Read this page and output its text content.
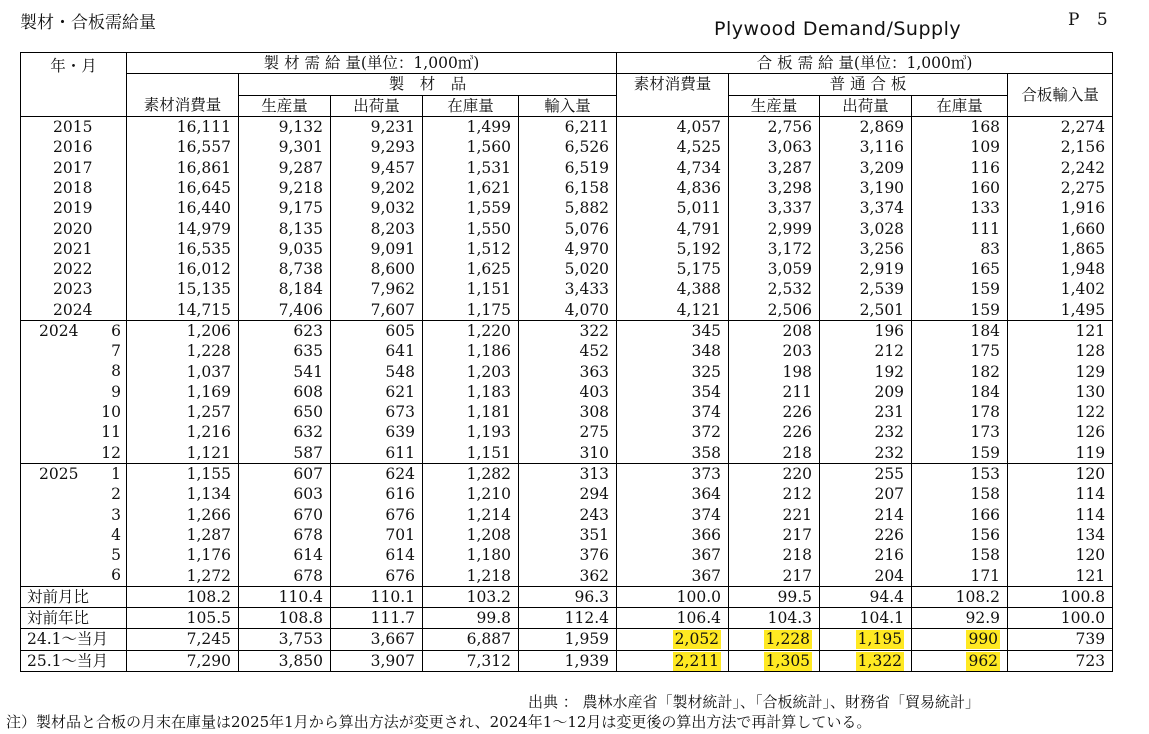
製材・合板需給量	Plywood Demand/Supply	P 5
年・月	製 材 需 給 量(単位：1,000㎥)					合 板 需 給 量(単位：1,000㎥)				
		製　材　品				素材消費量	普 通 合 板			合板輸入量
	素材消費量	生産量	出荷量	在庫量	輸入量		生産量	出荷量	在庫量	
2015	16,111	9,132	9,231	1,499	6,211	4,057	2,756	2,869	168	2,274
2016	16,557	9,301	9,293	1,560	6,526	4,525	3,063	3,116	109	2,156
2017	16,861	9,287	9,457	1,531	6,519	4,734	3,287	3,209	116	2,242
2018	16,645	9,218	9,202	1,621	6,158	4,836	3,298	3,190	160	2,275
2019	16,440	9,175	9,032	1,559	5,882	5,011	3,337	3,374	133	1,916
2020	14,979	8,135	8,203	1,550	5,076	4,791	2,999	3,028	111	1,660
2021	16,535	9,035	9,091	1,512	4,970	5,192	3,172	3,256	83	1,865
2022	16,012	8,738	8,600	1,625	5,020	5,175	3,059	2,919	165	1,948
2023	15,135	8,184	7,962	1,151	3,433	4,388	2,532	2,539	159	1,402
2024	14,715	7,406	7,607	1,175	4,070	4,121	2,506	2,501	159	1,495

2024 6	1,206	623	605	1,220	322	345	208	196	184	121

7	1,228	635	641	1,186	452	348	203	212	175	128

8	1,037	541	548	1,203	363	325	198	192	182	129

9	1,169	608	621	1,183	403	354	211	209	184	130

10	1,257	650	673	1,181	308	374	226	231	178	122

11	1,216	632	639	1,193	275	372	226	232	173	126

12	1,121	587	611	1,151	310	358	218	232	159	119

2025 1	1,155	607	624	1,282	313	373	220	255	153	120

2	1,134	603	616	1,210	294	364	212	207	158	114

3	1,266	670	676	1,214	243	374	221	214	166	114

4	1,287	678	701	1,208	351	366	217	226	156	134

5	1,176	614	614	1,180	376	367	218	216	158	120

6	1,272	678	676	1,218	362	367	217	204	171	121
対前月比	108.2	110.4	110.1	103.2	96.3	100.0	99.5	94.4	108.2	100.8
対前年比	105.5	108.8	111.7	99.8	112.4	106.4	104.3	104.1	92.9	100.0
24.1～当月	7,245	3,753	3,667	6,887	1,959	2,052	1,228	1,195	990	739
25.1～当月	7,290	3,850	3,907	7,312	1,939	2,211	1,305	1,322	962	723
出典 ： 農林水産省「製材統計」、「合板統計」、財務省「貿易統計」
注）製材品と合板の月末在庫量は2025年1月から算出方法が変更され、2024年1～12月は変更後の算出方法で再計算している。
